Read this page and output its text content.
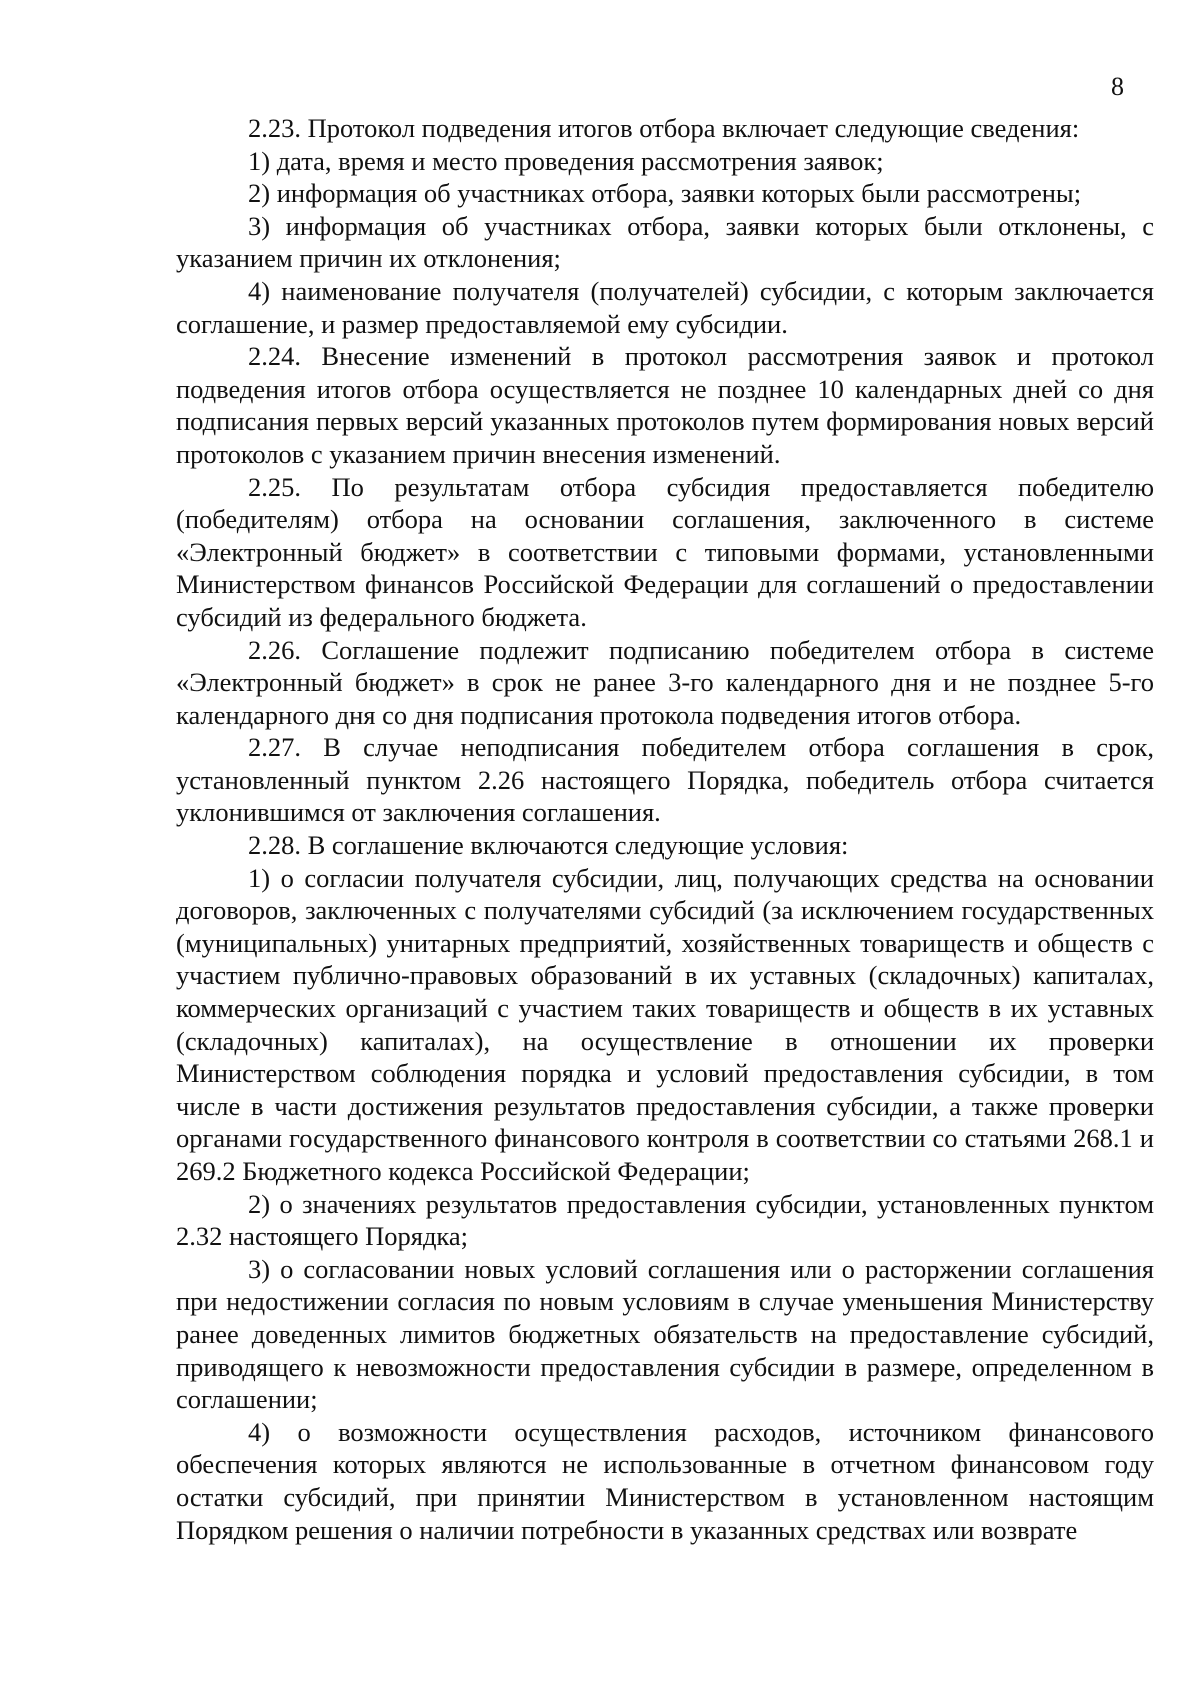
8

2.23. Протокол подведения итогов отбора включает следующие сведения:

1) дата, время и место проведения рассмотрения заявок;

2) информация об участниках отбора, заявки которых были рассмотрены;

3) информация об участниках отбора, заявки которых были отклонены, с указанием причин их отклонения;

4) наименование получателя (получателей) субсидии, с которым заключается соглашение, и размер предоставляемой ему субсидии.

2.24. Внесение изменений в протокол рассмотрения заявок и протокол подведения итогов отбора осуществляется не позднее 10 календарных дней со дня подписания первых версий указанных протоколов путем формирования новых версий протоколов с указанием причин внесения изменений.

2.25. По результатам отбора субсидия предоставляется победителю (победителям) отбора на основании соглашения, заключенного в системе «Электронный бюджет» в соответствии с типовыми формами, установленными Министерством финансов Российской Федерации для соглашений о предоставлении субсидий из федерального бюджета.

2.26. Соглашение подлежит подписанию победителем отбора в системе «Электронный бюджет» в срок не ранее 3-го календарного дня и не позднее 5-го календарного дня со дня подписания протокола подведения итогов отбора.

2.27. В случае неподписания победителем отбора соглашения в срок, установленный пунктом 2.26 настоящего Порядка, победитель отбора считается уклонившимся от заключения соглашения.

2.28. В соглашение включаются следующие условия:

1) о согласии получателя субсидии, лиц, получающих средства на основании договоров, заключенных с получателями субсидий (за исключением государственных (муниципальных) унитарных предприятий, хозяйственных товариществ и обществ с участием публично-правовых образований в их уставных (складочных) капиталах, коммерческих организаций с участием таких товариществ и обществ в их уставных (складочных) капиталах), на осуществление в отношении их проверки Министерством соблюдения порядка и условий предоставления субсидии, в том числе в части достижения результатов предоставления субсидии, а также проверки органами государственного финансового контроля в соответствии со статьями 268.1 и 269.2 Бюджетного кодекса Российской Федерации;

2) о значениях результатов предоставления субсидии, установленных пунктом 2.32 настоящего Порядка;

3) о согласовании новых условий соглашения или о расторжении соглашения при недостижении согласия по новым условиям в случае уменьшения Министерству ранее доведенных лимитов бюджетных обязательств на предоставление субсидий, приводящего к невозможности предоставления субсидии в размере, определенном в соглашении;

4) о возможности осуществления расходов, источником финансового обеспечения которых являются не использованные в отчетном финансовом году остатки субсидий, при принятии Министерством в установленном настоящим Порядком решения о наличии потребности в указанных средствах или возврате
